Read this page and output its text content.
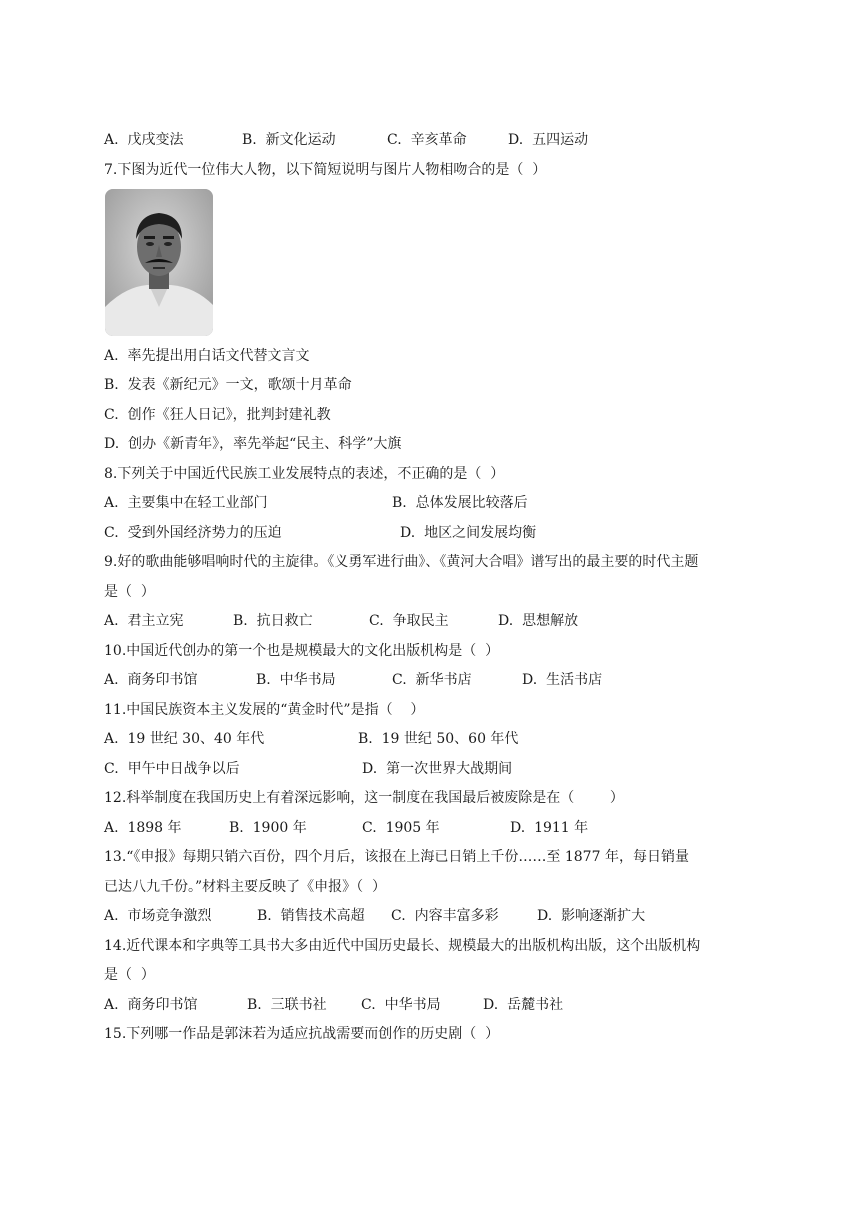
A.  戊戌变法	B.  新文化运动	C.  辛亥革命	D.  五四运动
7.下图为近代一位伟大人物，以下简短说明与图片人物相吻合的是（  ）
A.  率先提出用白话文代替文言文
B.  发表《新纪元》一文，歌颂十月革命
C.  创作《狂人日记》，批判封建礼教
D.  创办《新青年》，率先举起“民主、科学”大旗
8.下列关于中国近代民族工业发展特点的表述，不正确的是（  ）
A.  主要集中在轻工业部门	B.  总体发展比较落后
C.  受到外国经济势力的压迫	D.  地区之间发展均衡
9.好的歌曲能够唱响时代的主旋律。《义勇军进行曲》、《黄河大合唱》谱写出的最主要的时代主题
是（  ）
A.  君主立宪	B.  抗日救亡	C.  争取民主	D.  思想解放
10.中国近代创办的第一个也是规模最大的文化出版机构是（  ）
A.  商务印书馆	B.  中华书局	C.  新华书店	D.  生活书店
11.中国民族资本主义发展的“黄金时代”是指（    ）
A.  19 世纪 30、40 年代	B.  19 世纪 50、60 年代
C.  甲午中日战争以后	D.  第一次世界大战期间
12.科举制度在我国历史上有着深远影响，这一制度在我国最后被废除是在（        ）
A.  1898 年	B.  1900 年	C.  1905 年	D.  1911 年
13.“《申报》每期只销六百份，四个月后，该报在上海已日销上千份……至 1877 年，每日销量
已达八九千份。”材料主要反映了《申报》（  ）
A.  市场竞争激烈	B.  销售技术高超 C.  内容丰富多彩	D.  影响逐渐扩大
14.近代课本和字典等工具书大多由近代中国历史最长、规模最大的出版机构出版，这个出版机构
是（  ）
A.  商务印书馆	B.  三联书社 C.  中华书局	D.  岳麓书社
15.下列哪一作品是郭沫若为适应抗战需要而创作的历史剧（  ）
